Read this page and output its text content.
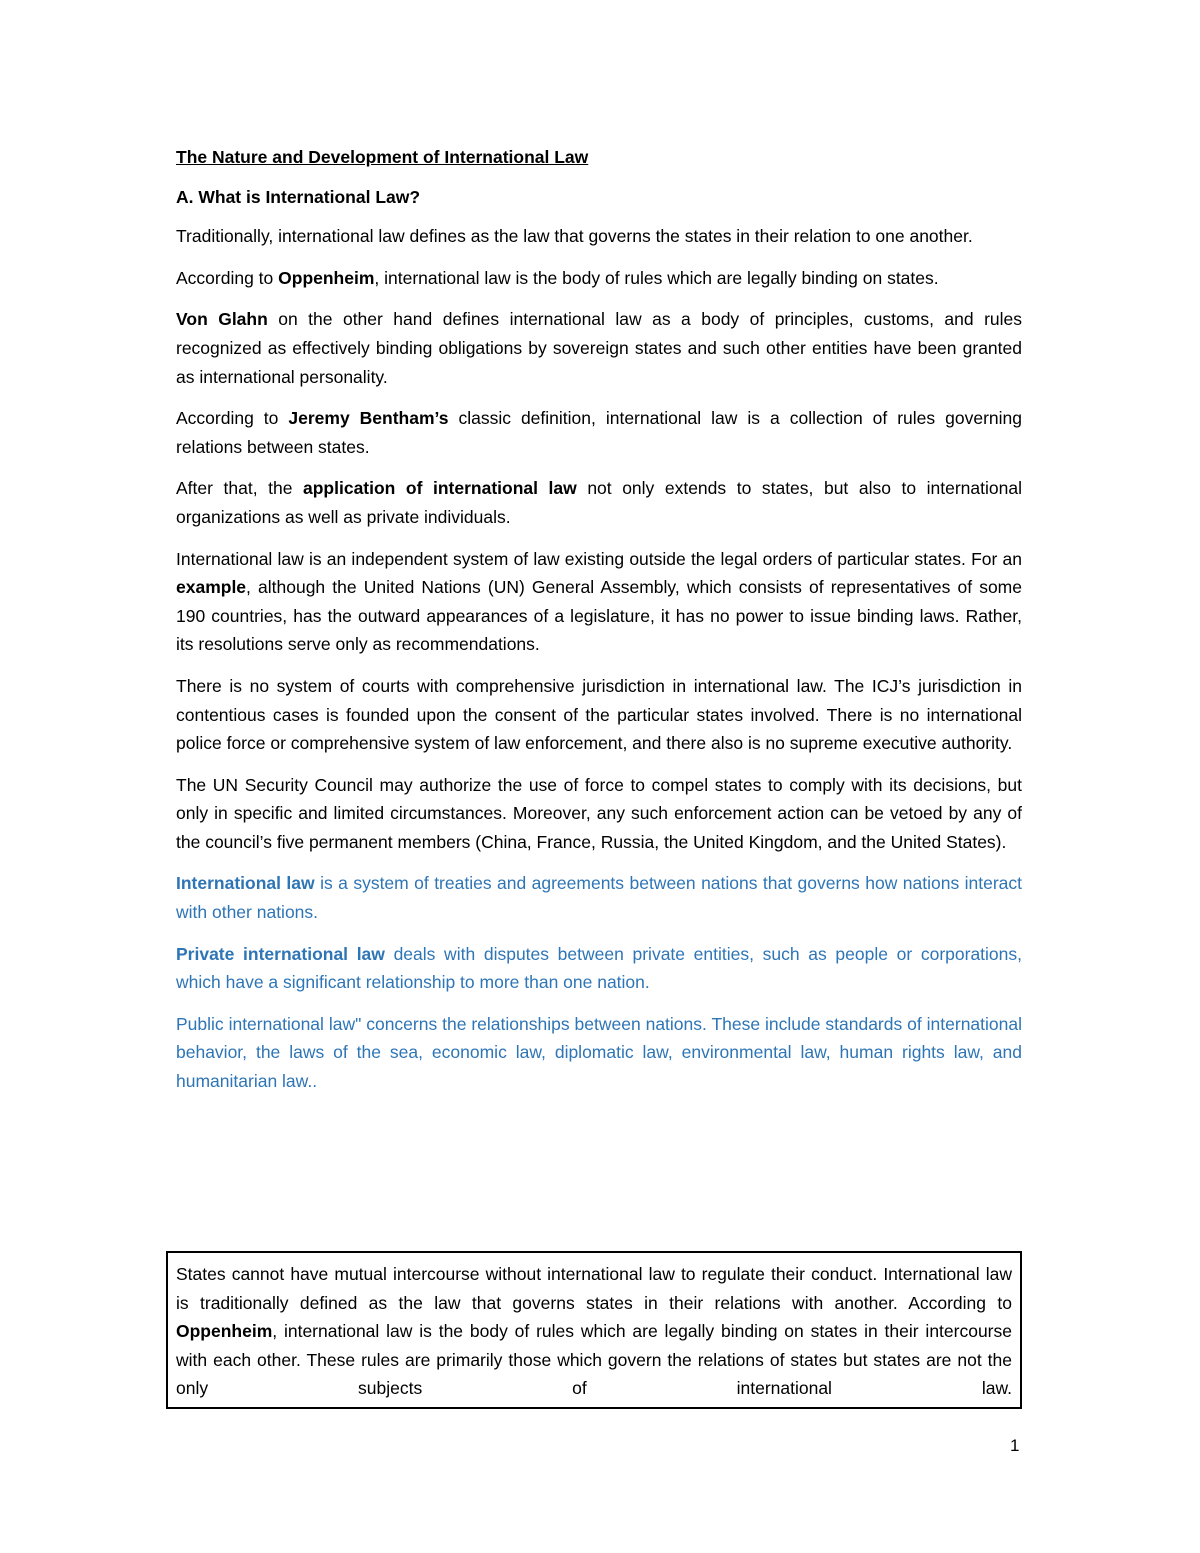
The Nature and Development of International Law
A. What is International Law?

Traditionally, international law defines as the law that governs the states in their relation to one another.

According to Oppenheim, international law is the body of rules which are legally binding on states.

Von Glahn on the other hand defines international law as a body of principles, customs, and rules recognized as effectively binding obligations by sovereign states and such other entities have been granted as international personality.

According to Jeremy Bentham’s classic definition, international law is a collection of rules governing relations between states.

After that, the application of international law not only extends to states, but also to international organizations as well as private individuals.

International law is an independent system of law existing outside the legal orders of particular states. For an example, although the United Nations (UN) General Assembly, which consists of representatives of some 190 countries, has the outward appearances of a legislature, it has no power to issue binding laws. Rather, its resolutions serve only as recommendations.

There is no system of courts with comprehensive jurisdiction in international law. The ICJ’s jurisdiction in contentious cases is founded upon the consent of the particular states involved. There is no international police force or comprehensive system of law enforcement, and there also is no supreme executive authority.

The UN Security Council may authorize the use of force to compel states to comply with its decisions, but only in specific and limited circumstances. Moreover, any such enforcement action can be vetoed by any of the council’s five permanent members (China, France, Russia, the United Kingdom, and the United States).

International law is a system of treaties and agreements between nations that governs how nations interact with other nations.

Private international law deals with disputes between private entities, such as people or corporations, which have a significant relationship to more than one nation.

Public international law" concerns the relationships between nations. These include standards of international behavior, the laws of the sea, economic law, diplomatic law, environmental law, human rights law, and humanitarian law..

States cannot have mutual intercourse without international law to regulate their conduct. International law is traditionally defined as the law that governs states in their relations with another. According to Oppenheim, international law is the body of rules which are legally binding on states in their intercourse with each other. These rules are primarily those which govern the relations of states but states are not the only subjects of international law.
1
